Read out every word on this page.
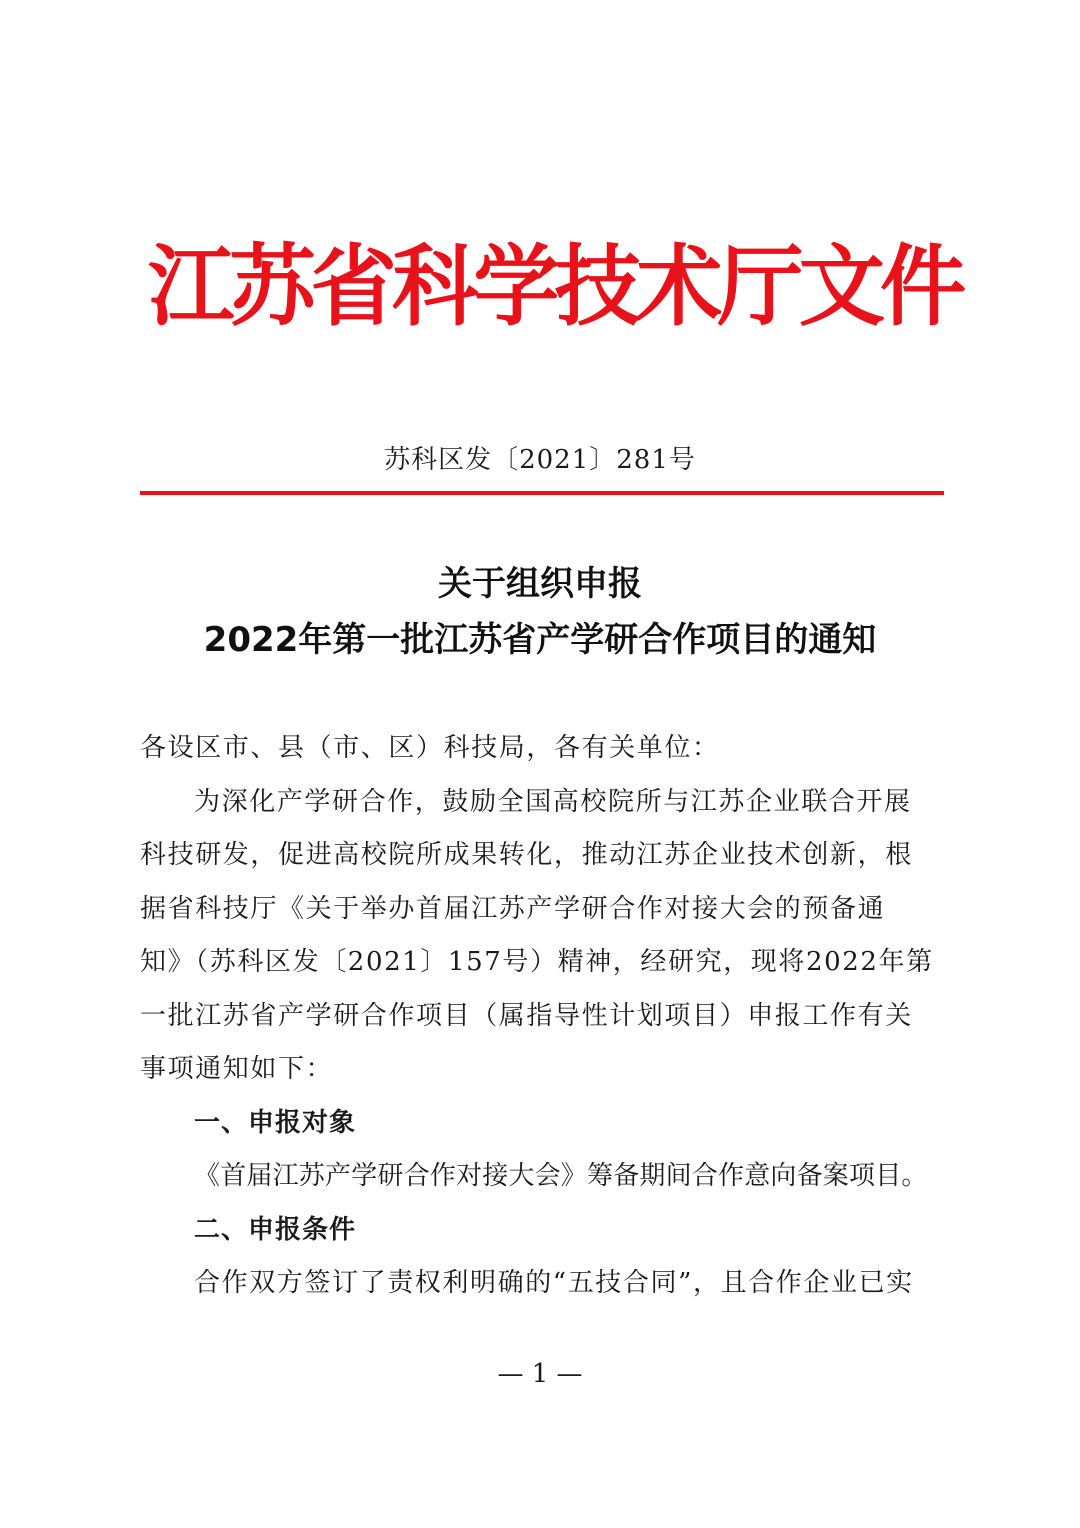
江苏省科学技术厅文件
苏科区发〔2021〕281号
关于组织申报
2022年第一批江苏省产学研合作项目的通知
各设区市、县（市、区）科技局，各有关单位：
为深化产学研合作，鼓励全国高校院所与江苏企业联合开展
科技研发，促进高校院所成果转化，推动江苏企业技术创新，根
据省科技厅《关于举办首届江苏产学研合作对接大会的预备通
知》（苏科区发〔2021〕157号）精神，经研究，现将2022年第
一批江苏省产学研合作项目（属指导性计划项目）申报工作有关
事项通知如下：
一、申报对象
《首届江苏产学研合作对接大会》筹备期间合作意向备案项目。
二、申报条件
合作双方签订了责权利明确的“五技合同”，且合作企业已实
— 1 —
